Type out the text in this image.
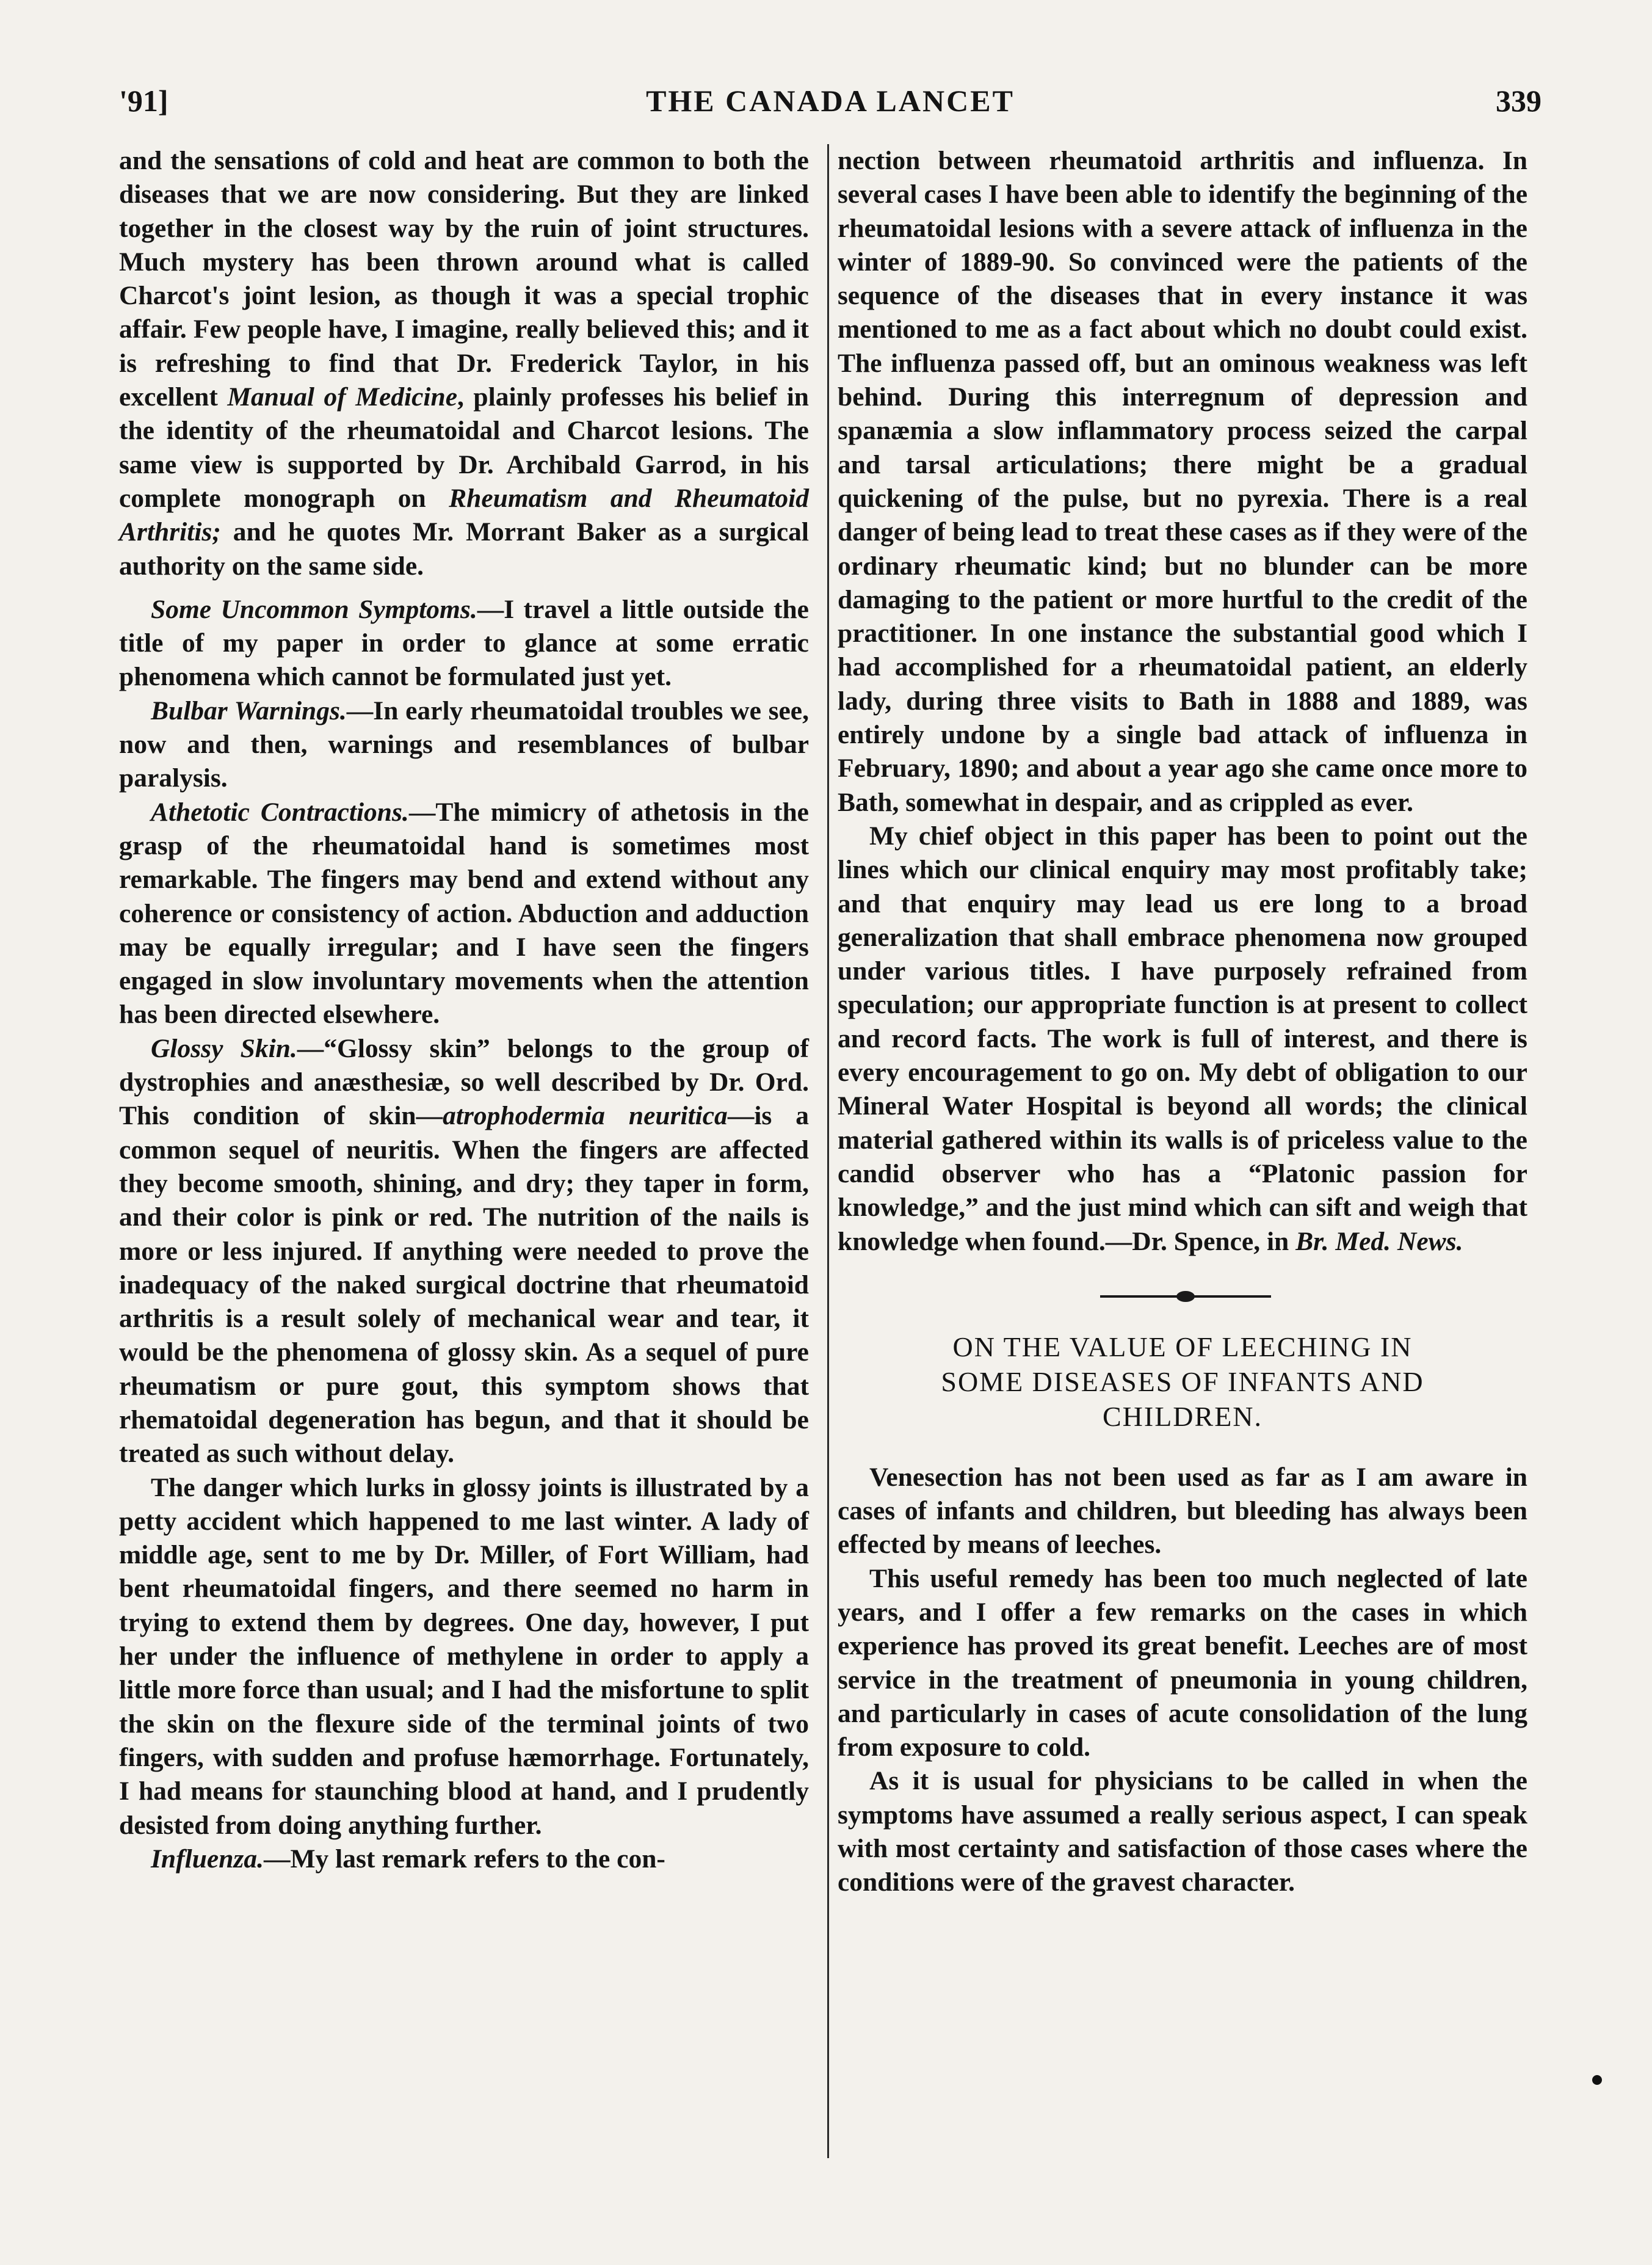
'91]	THE CANADA LANCET	339

and the sensations of cold and heat are common to both the diseases that we are now considering. But they are linked together in the closest way by the ruin of joint structures. Much mystery has been thrown around what is called Charcot's joint lesion, as though it was a special trophic affair. Few people have, I imagine, really believed this; and it is refreshing to find that Dr. Frederick Taylor, in his excellent Manual of Medicine, plainly professes his belief in the identity of the rheumatoidal and Charcot lesions. The same view is supported by Dr. Archibald Garrod, in his complete monograph on Rheumatism and Rheumatoid Arthritis; and he quotes Mr. Morrant Baker as a surgical authority on the same side.

Some Uncommon Symptoms.—I travel a little outside the title of my paper in order to glance at some erratic phenomena which cannot be formulated just yet.

Bulbar Warnings.—In early rheumatoidal troubles we see, now and then, warnings and resemblances of bulbar paralysis.

Athetotic Contractions.—The mimicry of athetosis in the grasp of the rheumatoidal hand is sometimes most remarkable. The fingers may bend and extend without any coherence or consistency of action. Abduction and adduction may be equally irregular; and I have seen the fingers engaged in slow involuntary movements when the attention has been directed elsewhere.

Glossy Skin.—“Glossy skin” belongs to the group of dystrophies and anæsthesiæ, so well described by Dr. Ord. This condition of skin—atrophodermia neuritica—is a common sequel of neuritis. When the fingers are affected they become smooth, shining, and dry; they taper in form, and their color is pink or red. The nutrition of the nails is more or less injured. If anything were needed to prove the inadequacy of the naked surgical doctrine that rheumatoid arthritis is a result solely of mechanical wear and tear, it would be the phenomena of glossy skin. As a sequel of pure rheumatism or pure gout, this symptom shows that rhematoidal degeneration has begun, and that it should be treated as such without delay.

The danger which lurks in glossy joints is illustrated by a petty accident which happened to me last winter. A lady of middle age, sent to me by Dr. Miller, of Fort William, had bent rheumatoidal fingers, and there seemed no harm in trying to extend them by degrees. One day, however, I put her under the influence of methylene in order to apply a little more force than usual; and I had the misfortune to split the skin on the flexure side of the terminal joints of two fingers, with sudden and profuse hæmorrhage. Fortunately, I had means for staunching blood at hand, and I prudently desisted from doing anything further.

Influenza.—My last remark refers to the con-

nection between rheumatoid arthritis and influenza. In several cases I have been able to identify the beginning of the rheumatoidal lesions with a severe attack of influenza in the winter of 1889-90. So convinced were the patients of the sequence of the diseases that in every instance it was mentioned to me as a fact about which no doubt could exist. The influenza passed off, but an ominous weakness was left behind. During this interregnum of depression and spanæmia a slow inflammatory process seized the carpal and tarsal articulations; there might be a gradual quickening of the pulse, but no pyrexia. There is a real danger of being lead to treat these cases as if they were of the ordinary rheumatic kind; but no blunder can be more damaging to the patient or more hurtful to the credit of the practitioner. In one instance the substantial good which I had accomplished for a rheumatoidal patient, an elderly lady, during three visits to Bath in 1888 and 1889, was entirely undone by a single bad attack of influenza in February, 1890; and about a year ago she came once more to Bath, somewhat in despair, and as crippled as ever.

My chief object in this paper has been to point out the lines which our clinical enquiry may most profitably take; and that enquiry may lead us ere long to a broad generalization that shall embrace phenomena now grouped under various titles. I have purposely refrained from speculation; our appropriate function is at present to collect and record facts. The work is full of interest, and there is every encouragement to go on. My debt of obligation to our Mineral Water Hospital is beyond all words; the clinical material gathered within its walls is of priceless value to the candid observer who has a “Platonic passion for knowledge,” and the just mind which can sift and weigh that knowledge when found.—Dr. Spence, in Br. Med. News.

ON THE VALUE OF LEECHING IN
SOME DISEASES OF INFANTS AND
CHILDREN.

Venesection has not been used as far as I am aware in cases of infants and children, but bleeding has always been effected by means of leeches.

This useful remedy has been too much neglected of late years, and I offer a few remarks on the cases in which experience has proved its great benefit. Leeches are of most service in the treatment of pneumonia in young children, and particularly in cases of acute consolidation of the lung from exposure to cold.

As it is usual for physicians to be called in when the symptoms have assumed a really serious aspect, I can speak with most certainty and satisfaction of those cases where the conditions were of the gravest character.
